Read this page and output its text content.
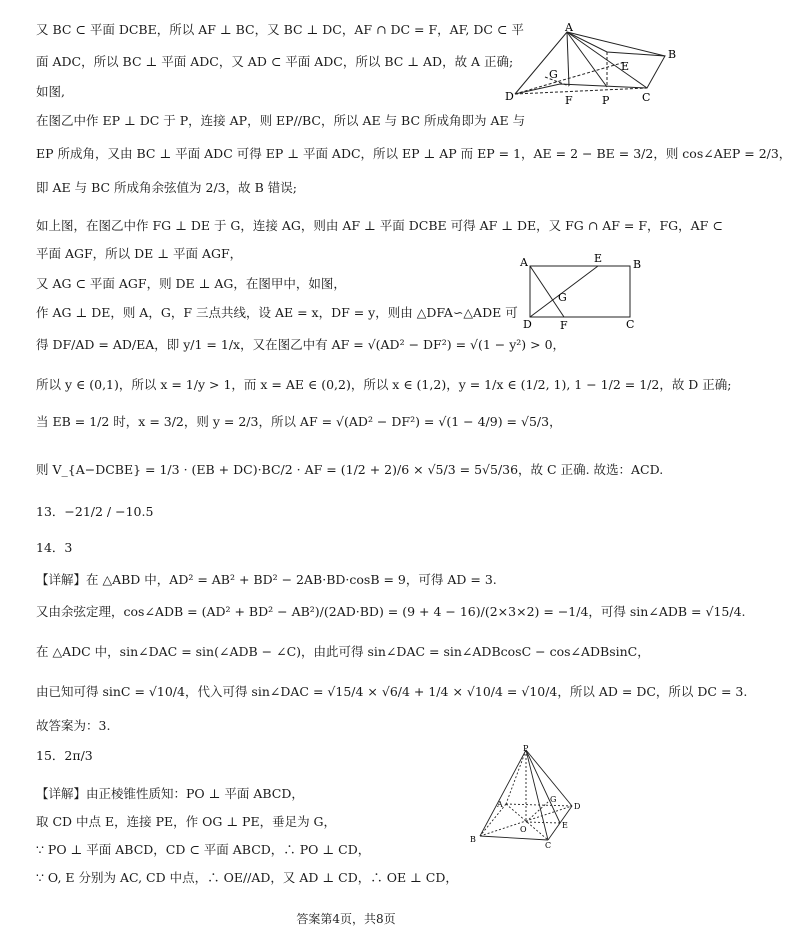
又 BC ⊂ 平面 DCBE，所以 AF ⊥ BC，又 BC ⊥ DC，AF ∩ DC = F，AF, DC ⊂ 平
面 ADC，所以 BC ⊥ 平面 ADC，又 AD ⊂ 平面 ADC，所以 BC ⊥ AD，故 A 正确;
如图,
在图乙中作 EP ⊥ DC 于 P，连接 AP，则 EP//BC，所以 AE 与 BC 所成角即为 AE 与
EP 所成角，又由 BC ⊥ 平面 ADC 可得 EP ⊥ 平面 ADC，所以 EP ⊥ AP 而 EP = 1，AE = 2 − BE = 3/2，则 cos∠AEP = 2/3，
即 AE 与 BC 所成角余弦值为 2/3，故 B 错误;
如上图，在图乙中作 FG ⊥ DE 于 G，连接 AG，则由 AF ⊥ 平面 DCBE 可得 AF ⊥ DE，又 FG ∩ AF = F，FG，AF ⊂
平面 AGF，所以 DE ⊥ 平面 AGF，
又 AG ⊂ 平面 AGF，则 DE ⊥ AG，在图甲中，如图，
作 AG ⊥ DE，则 A，G，F 三点共线，设 AE = x，DF = y，则由 △DFA∽△ADE 可
得 DF/AD = AD/EA，即 y/1 = 1/x，又在图乙中有 AF = √(AD² − DF²) = √(1 − y²) > 0，
所以 y ∈ (0,1)，所以 x = 1/y > 1，而 x = AE ∈ (0,2)，所以 x ∈ (1,2)，y = 1/x ∈ (1/2, 1), 1 − 1/2 = 1/2，故 D 正确;
当 EB = 1/2 时，x = 3/2，则 y = 2/3，所以 AF = √(AD² − DF²) = √(1 − 4/9) = √5/3，
则 V_{A−DCBE} = 1/3 · (EB + DC)·BC/2 · AF = (1/2 + 2)/6 × √5/3 = 5√5/36，故 C 正确. 故选：ACD.
13．−21/2 / −10.5
14．3
【详解】在 △ABD 中，AD² = AB² + BD² − 2AB·BD·cosB = 9，可得 AD = 3.
又由余弦定理，cos∠ADB = (AD² + BD² − AB²)/(2AD·BD) = (9 + 4 − 16)/(2×3×2) = −1/4，可得 sin∠ADB = √15/4.
在 △ADC 中，sin∠DAC = sin(∠ADB − ∠C)，由此可得 sin∠DAC = sin∠ADBcosC − cos∠ADBsinC，
由已知可得 sinC = √10/4，代入可得 sin∠DAC = √15/4 × √6/4 + 1/4 × √10/4 = √10/4，所以 AD = DC，所以 DC = 3.
故答案为：3.
15．2π/3
【详解】由正棱锥性质知：PO ⊥ 平面 ABCD，
取 CD 中点 E，连接 PE，作 OG ⊥ PE，垂足为 G，
∵ PO ⊥ 平面 ABCD，CD ⊂ 平面 ABCD，∴ PO ⊥ CD，
∵ O, E 分别为 AC, CD 中点，∴ OE//AD，又 AD ⊥ CD，∴ OE ⊥ CD，
A
B
C
D
E
F
G
P
A	B
C
D
E
F
G
P
A
B
C
D
E
G
O
答案第4页，共8页
